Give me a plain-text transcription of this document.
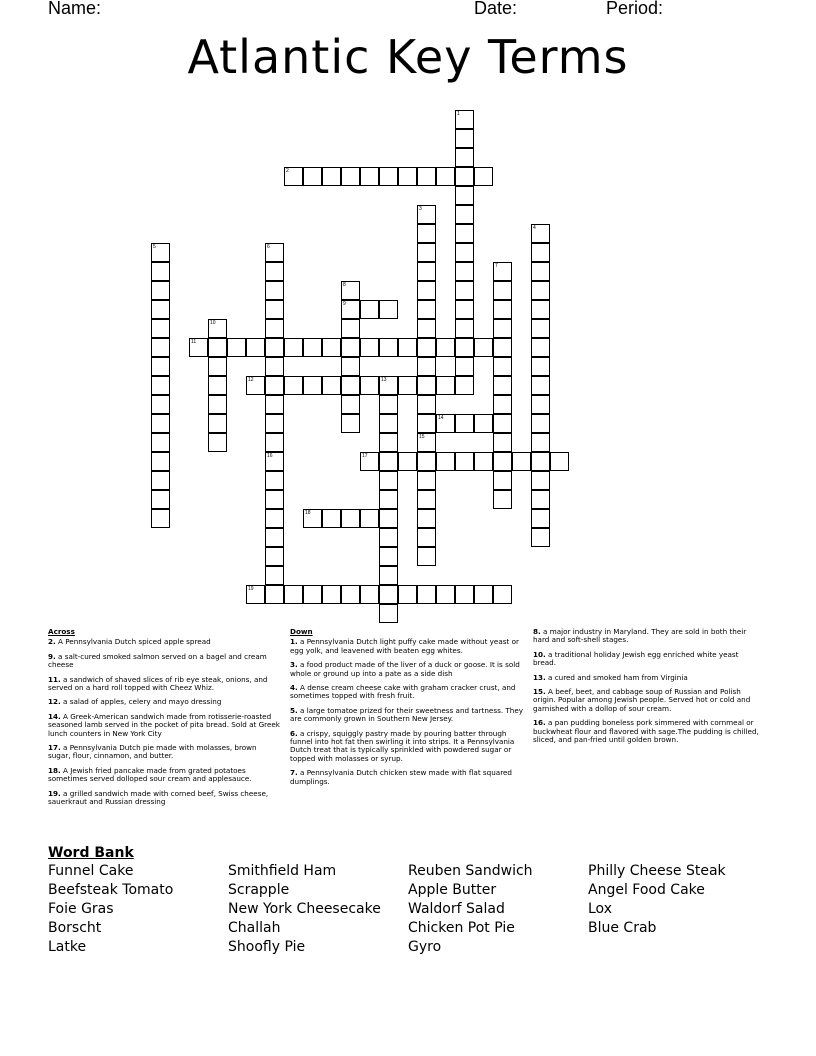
Name:	Date:	Period:
Atlantic Key Terms
1
2
3
4
5	6
7
8
9
10
11
12	13
14
15
16	17
18
19
Across
2. A Pennsylvania Dutch spiced apple spread
9. a salt-cured smoked salmon served on a bagel and cream cheese
11. a sandwich of shaved slices of rib eye steak, onions, and served on a hard roll topped with Cheez Whiz.
12. a salad of apples, celery and mayo dressing
14. A Greek-American sandwich made from rotisserie-roasted seasoned lamb served in the pocket of pita bread. Sold at Greek lunch counters in New York City
17. a Pennsylvania Dutch pie made with molasses, brown sugar, flour, cinnamon, and butter.
18. A Jewish fried pancake made from grated potatoes sometimes served dolloped sour cream and applesauce.
19. a grilled sandwich made with corned beef, Swiss cheese, sauerkraut and Russian dressing
Down
1. a Pennsylvania Dutch light puffy cake made without yeast or egg yolk, and leavened with beaten egg whites.
3. a food product made of the liver of a duck or goose. It is sold whole or ground up into a pate as a side dish
4. A dense cream cheese cake with graham cracker crust, and sometimes topped with fresh fruit.
5. a large tomatoe prized for their sweetness and tartness. They are commonly grown in Southern New Jersey.
6. a crispy, squiggly pastry made by pouring batter through funnel into hot fat then swirling it into strips. It a Pennsylvania Dutch treat that is typically sprinkled with powdered sugar or topped with molasses or syrup.
7. a Pennsylvania Dutch chicken stew made with flat squared dumplings.
8. a major industry in Maryland. They are sold in both their hard and soft-shell stages.
10. a traditional holiday Jewish egg enriched white yeast bread.
13. a cured and smoked ham from Virginia
15. A beef, beet, and cabbage soup of Russian and Polish origin. Popular among Jewish people. Served hot or cold and garnished with a dollop of sour cream.
16. a pan pudding boneless pork simmered with cornmeal or buckwheat flour and flavored with sage.The pudding is chilled, sliced, and pan-fried until golden brown.
Word Bank
Funnel Cake
Beefsteak Tomato
Foie Gras
Borscht
Latke
Smithfield Ham
Scrapple
New York Cheesecake
Challah
Shoofly Pie
Reuben Sandwich
Apple Butter
Waldorf Salad
Chicken Pot Pie
Gyro
Philly Cheese Steak
Angel Food Cake
Lox
Blue Crab
